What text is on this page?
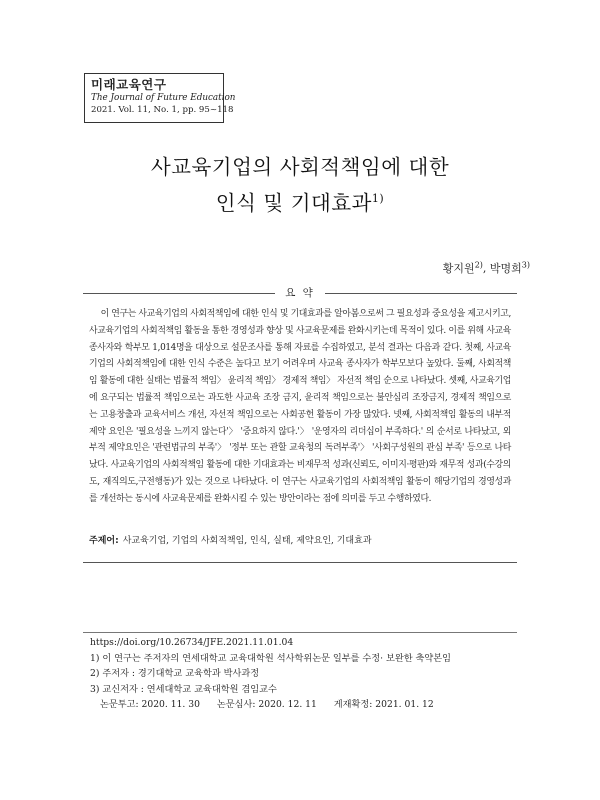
미래교육연구
The Journal of Future Education
2021. Vol. 11, No. 1, pp. 95~118
사교육기업의 사회적책임에 대한
인식 및 기대효과$^{1)}$
황지원$^{2)}$, 박명희$^{3)}$
요 약

이 연구는 사교육기업의 사회적책임에 대한 인식 및 기대효과를 알아봄으로써 그 필요성과 중요성을 제고시키고, 사교육기업의 사회적책임 활동을 통한 경영성과 향상 및 사교육문제를 완화시키는데 목적이 있다. 이를 위해 사교육 종사자와 학부모 1,014명을 대상으로 설문조사를 통해 자료를 수집하였고, 분석 결과는 다음과 같다. 첫째, 사교육기업의 사회적책임에 대한 인식 수준은 높다고 보기 어려우며 사교육 종사자가 학부모보다 높았다. 둘째, 사회적책임 활동에 대한 실태는 법률적 책임〉 윤리적 책임〉 경제적 책임〉 자선적 책임 순으로 나타났다. 셋째, 사교육기업에 요구되는 법률적 책임으로는 과도한 사교육 조장 금지, 윤리적 책임으로는 불안심리 조장금지, 경제적 책임으로는 고용창출과 교육서비스 개선, 자선적 책임으로는 사회공헌 활동이 가장 많았다. 넷째, 사회적책임 활동의 내부적 제약 요인은 '필요성을 느끼지 않는다'〉 '중요하지 않다.'〉 '운영자의 리더십이 부족하다.' 의 순서로 나타났고, 외부적 제약요인은 '관련법규의 부족'〉 '정부 또는 관할 교육청의 독려부족'〉 '사회구성원의 관심 부족' 등으로 나타났다. 사교육기업의 사회적책임 활동에 대한 기대효과는 비재무적 성과(신뢰도, 이미지·평판)와 재무적 성과(수강의도, 재직의도,구전행동)가 있는 것으로 나타났다. 이 연구는 사교육기업의 사회적책임 활동이 해당기업의 경영성과를 개선하는 동시에 사교육문제를 완화시킬 수 있는 방안이라는 점에 의미를 두고 수행하였다.

주제어: 사교육기업, 기업의 사회적책임, 인식, 실태, 제약요인, 기대효과
https://doi.org/10.26734/JFE.2021.11.01.04
1) 이 연구는 주저자의 연세대학교 교육대학원 석사학위논문 일부를 수정· 보완한 축약본임
2) 주저자 : 경기대학교 교육학과 박사과정
3) 교신저자 : 연세대학교 교육대학원 겸임교수
논문투고: 2020. 11. 30 논문심사: 2020. 12. 11 게재확정: 2021. 01. 12
